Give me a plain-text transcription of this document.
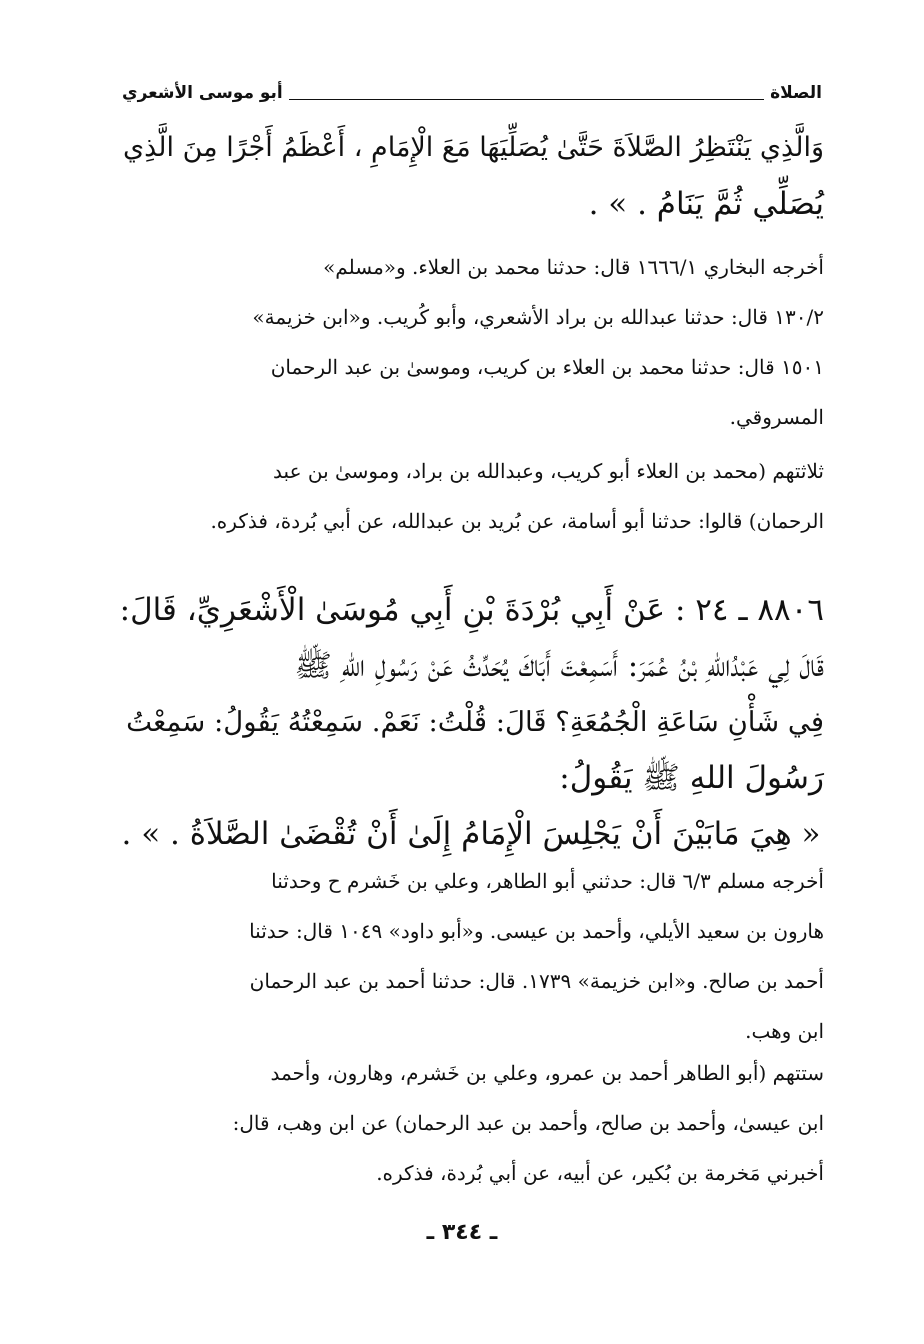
الصلاة
أبو موسى الأشعري
وَالَّذِي يَنْتَظِرُ الصَّلاَةَ حَتَّىٰ يُصَلِّيَهَا مَعَ الْإِمَامِ ، أَعْظَمُ أَجْرًا مِنَ الَّذِي
يُصَلِّي ثُمَّ يَنَامُ . » .
أخرجه البخاري ١٦٦٦/١ قال: حدثنا محمد بن العلاء. و«مسلم»
١٣٠/٢ قال: حدثنا عبدالله بن براد الأشعري، وأبو كُريب. و«ابن خزيمة»
١٥٠١ قال: حدثنا محمد بن العلاء بن كريب، وموسىٰ بن عبد الرحمان
المسروقي.
ثلاثتهم (محمد بن العلاء أبو كريب، وعبدالله بن براد، وموسىٰ بن عبد
الرحمان) قالوا: حدثنا أبو أسامة، عن بُريد بن عبدالله، عن أبي بُردة، فذكره.
٨٨٠٦ ـ ٢٤ : عَنْ أَبِي بُرْدَةَ بْنِ أَبِي مُوسَىٰ الْأَشْعَرِيِّ، قَالَ:
قَالَ لِي عَبْدُاللهِ بْنُ عُمَرَ: أَسَمِعْتَ أَبَاكَ يُحَدِّثُ عَنْ رَسُولِ اللهِ ﷺ
فِي شَأْنِ سَاعَةِ الْجُمُعَةِ؟ قَالَ: قُلْتُ: نَعَمْ. سَمِعْتُهُ يَقُولُ: سَمِعْتُ
رَسُولَ اللهِ ﷺ يَقُولُ:
« هِيَ مَابَيْنَ أَنْ يَجْلِسَ الْإِمَامُ إِلَىٰ أَنْ تُقْضَىٰ الصَّلاَةُ . » .
أخرجه مسلم ٦/٣ قال: حدثني أبو الطاهر، وعلي بن خَشرم ح وحدثنا
هارون بن سعيد الأيلي، وأحمد بن عيسى. و«أبو داود» ١٠٤٩ قال: حدثنا
أحمد بن صالح. و«ابن خزيمة» ١٧٣٩. قال: حدثنا أحمد بن عبد الرحمان
ابن وهب.
ستتهم (أبو الطاهر أحمد بن عمرو، وعلي بن خَشرم، وهارون، وأحمد
ابن عيسىٰ، وأحمد بن صالح، وأحمد بن عبد الرحمان) عن ابن وهب، قال:
أخبرني مَخرمة بن بُكير، عن أبيه، عن أبي بُردة، فذكره.
ـ ٣٤٤ ـ
